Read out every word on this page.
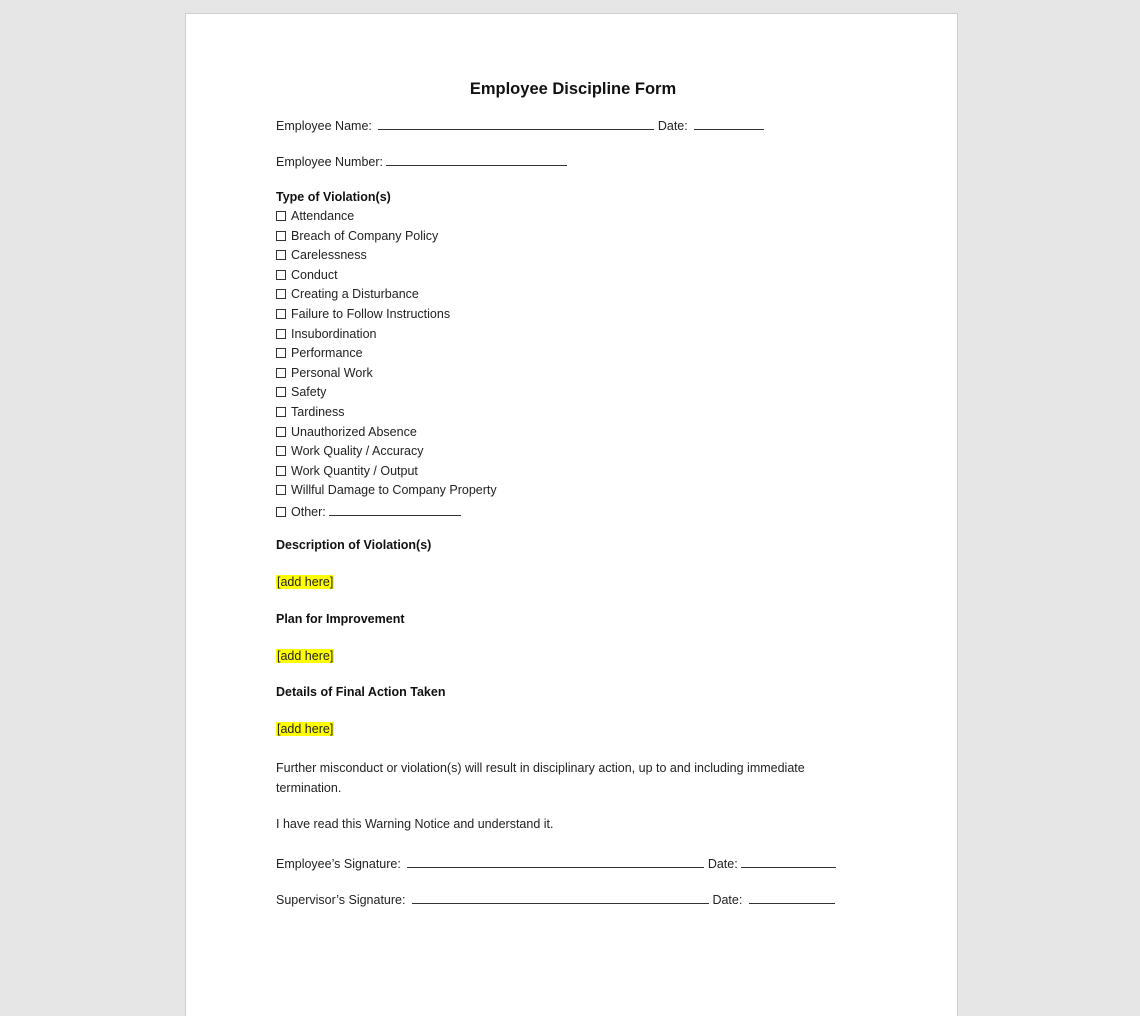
Employee Discipline Form
Employee Name:	Date:
Employee Number:
Type of Violation(s)
Attendance
Breach of Company Policy
Carelessness
Conduct
Creating a Disturbance
Failure to Follow Instructions
Insubordination
Performance
Personal Work
Safety
Tardiness
Unauthorized Absence
Work Quality / Accuracy
Work Quantity / Output
Willful Damage to Company Property
Other:
Description of Violation(s)
[add here]
Plan for Improvement
[add here]
Details of Final Action Taken
[add here]
Further misconduct or violation(s) will result in disciplinary action, up to and including immediate termination.
I have read this Warning Notice and understand it.
Employee’s Signature:	Date:
Supervisor’s Signature:	Date:
